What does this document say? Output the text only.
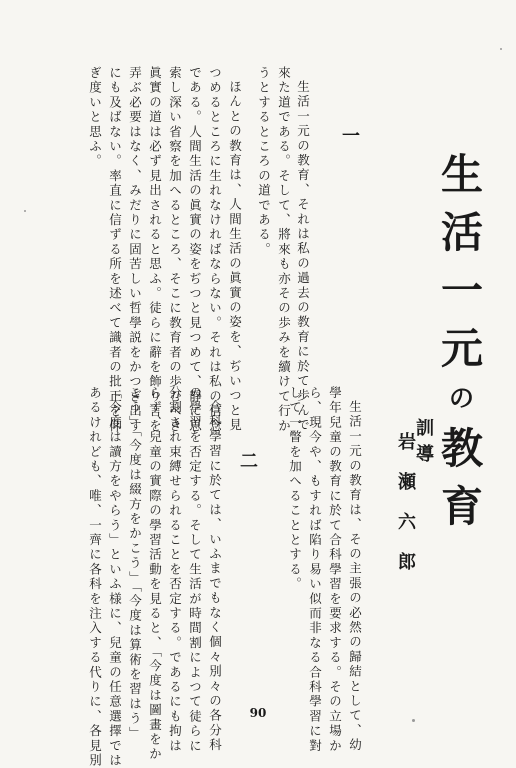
生活一元の教育
訓導
岩瀬六郎
一
二
生活一元の教育、それは私の過去の教育に於て歩んで
來た道である。そして、將來も亦その歩みを續けて行か
うとするところの道である。
ほんとの教育は、人間生活の眞實の姿を、ぢいつと見
つめるところに生れなければならない。それは私の信念
である。人間生活の眞實の姿をぢつと見つめて、靜に思
索し深い省察を加へるところ、そこに教育者の歩むべき
眞實の道は必ず見出されると思ふ。徒らに辭を飾り言を
弄ぶ必要はなく、みだりに固苦しい哲學説をかつぎ出す
にも及ばない。率直に信ずる所を述べて識者の批正を仰
ぎ度いと思ふ。
生活一元の教育は、その主張の必然の歸結として、幼
學年兒童の教育に於て合科學習を要求する。その立場か
ら、現今や、もすれば陷り易い似而非なる合科學習に對
して一瞥を加へることとする。
合科學習に於ては、いふまでもなく個々別々の各分科
の學習を否定する。そして生活が時間割によつて徒らに
分割され束縛せられることを否定する。であるにも拘は
らず、兒童の實際の學習活動を見ると、「今度は圖畫をか
こう」「今度は綴方をかこう」「今度は算術を習はう」
「今度は讀方をやらう」といふ様に、兒童の任意選擇では
あるけれども、唯、一齊に各科を注入する代りに、各見別	90
